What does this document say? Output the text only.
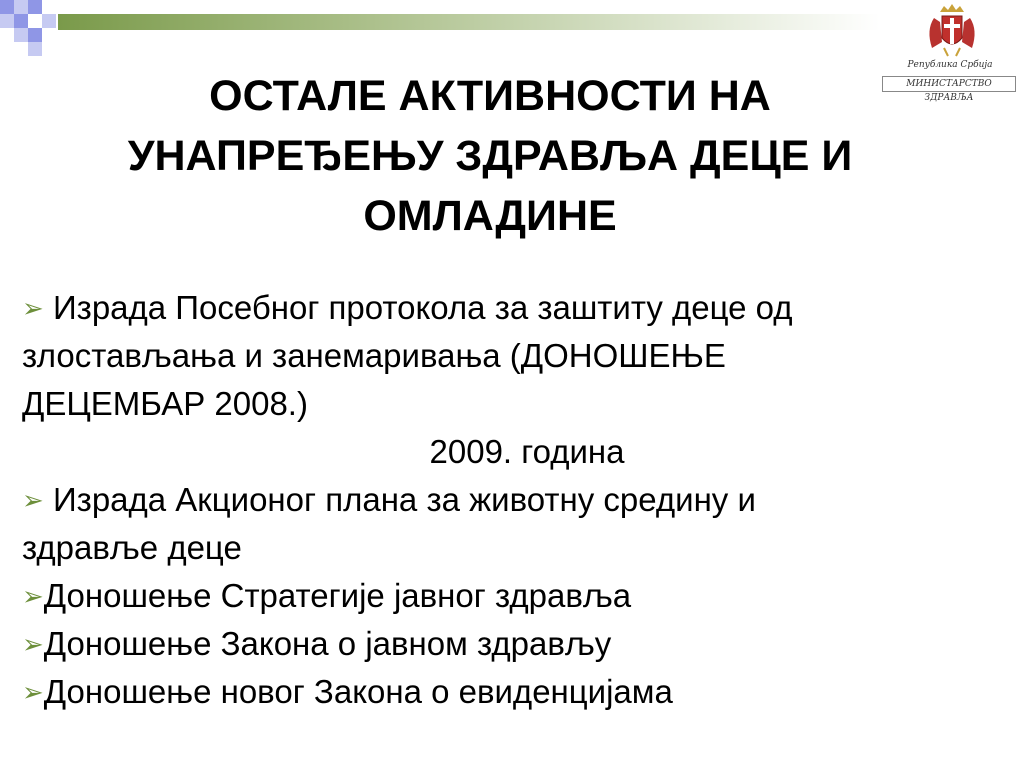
Република Србија
МИНИСТАРСТВО ЗДРАВЉА
ОСТАЛЕ АКТИВНОСТИ НА
УНАПРЕЂЕЊУ ЗДРАВЉА ДЕЦЕ И
ОМЛАДИНЕ
➢ Израда Посебног протокола за заштиту деце од
злостављања и занемаривања (ДОНОШЕЊЕ
ДЕЦЕМБАР 2008.)
2009. година
➢ Израда Акционог плана за животну средину и
здравље деце
➢Доношење Стратегије јавног здравља
➢Доношење Закона о јавном здрављу
➢Доношење новог Закона о евиденцијама
